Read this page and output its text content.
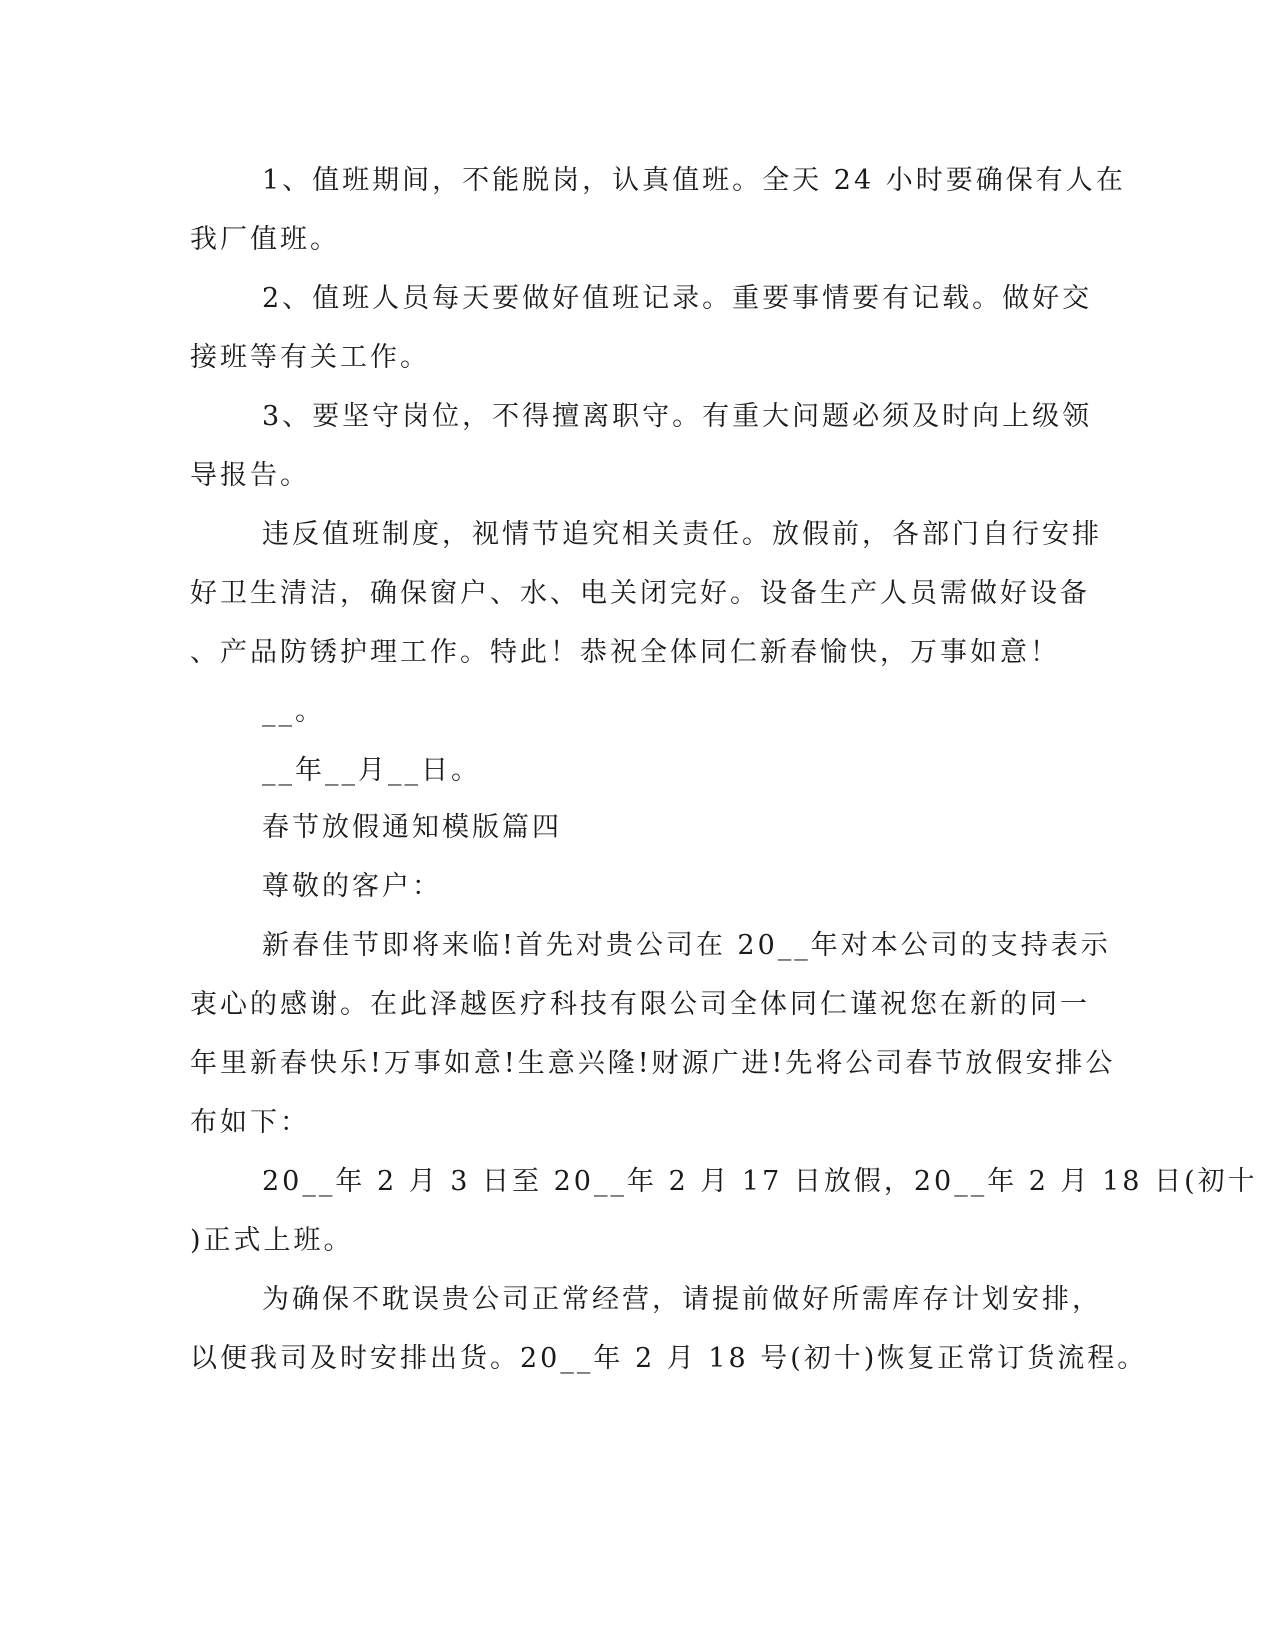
1、值班期间，不能脱岗，认真值班。全天 24 小时要确保有人在
我厂值班。
2、值班人员每天要做好值班记录。重要事情要有记载。做好交
接班等有关工作。
3、要坚守岗位，不得擅离职守。有重大问题必须及时向上级领
导报告。
违反值班制度，视情节追究相关责任。放假前，各部门自行安排
好卫生清洁，确保窗户、水、电关闭完好。设备生产人员需做好设备
、产品防锈护理工作。特此！恭祝全体同仁新春愉快，万事如意！
__。
__年__月__日。
春节放假通知模版篇四
尊敬的客户：
新春佳节即将来临!首先对贵公司在 20__年对本公司的支持表示
衷心的感谢。在此泽越医疗科技有限公司全体同仁谨祝您在新的同一
年里新春快乐!万事如意!生意兴隆!财源广进!先将公司春节放假安排公
布如下：
20__年 2 月 3 日至 20__年 2 月 17 日放假，20__年 2 月 18 日(初十
)正式上班。
为确保不耽误贵公司正常经营，请提前做好所需库存计划安排，
以便我司及时安排出货。20__年 2 月 18 号(初十)恢复正常订货流程。
